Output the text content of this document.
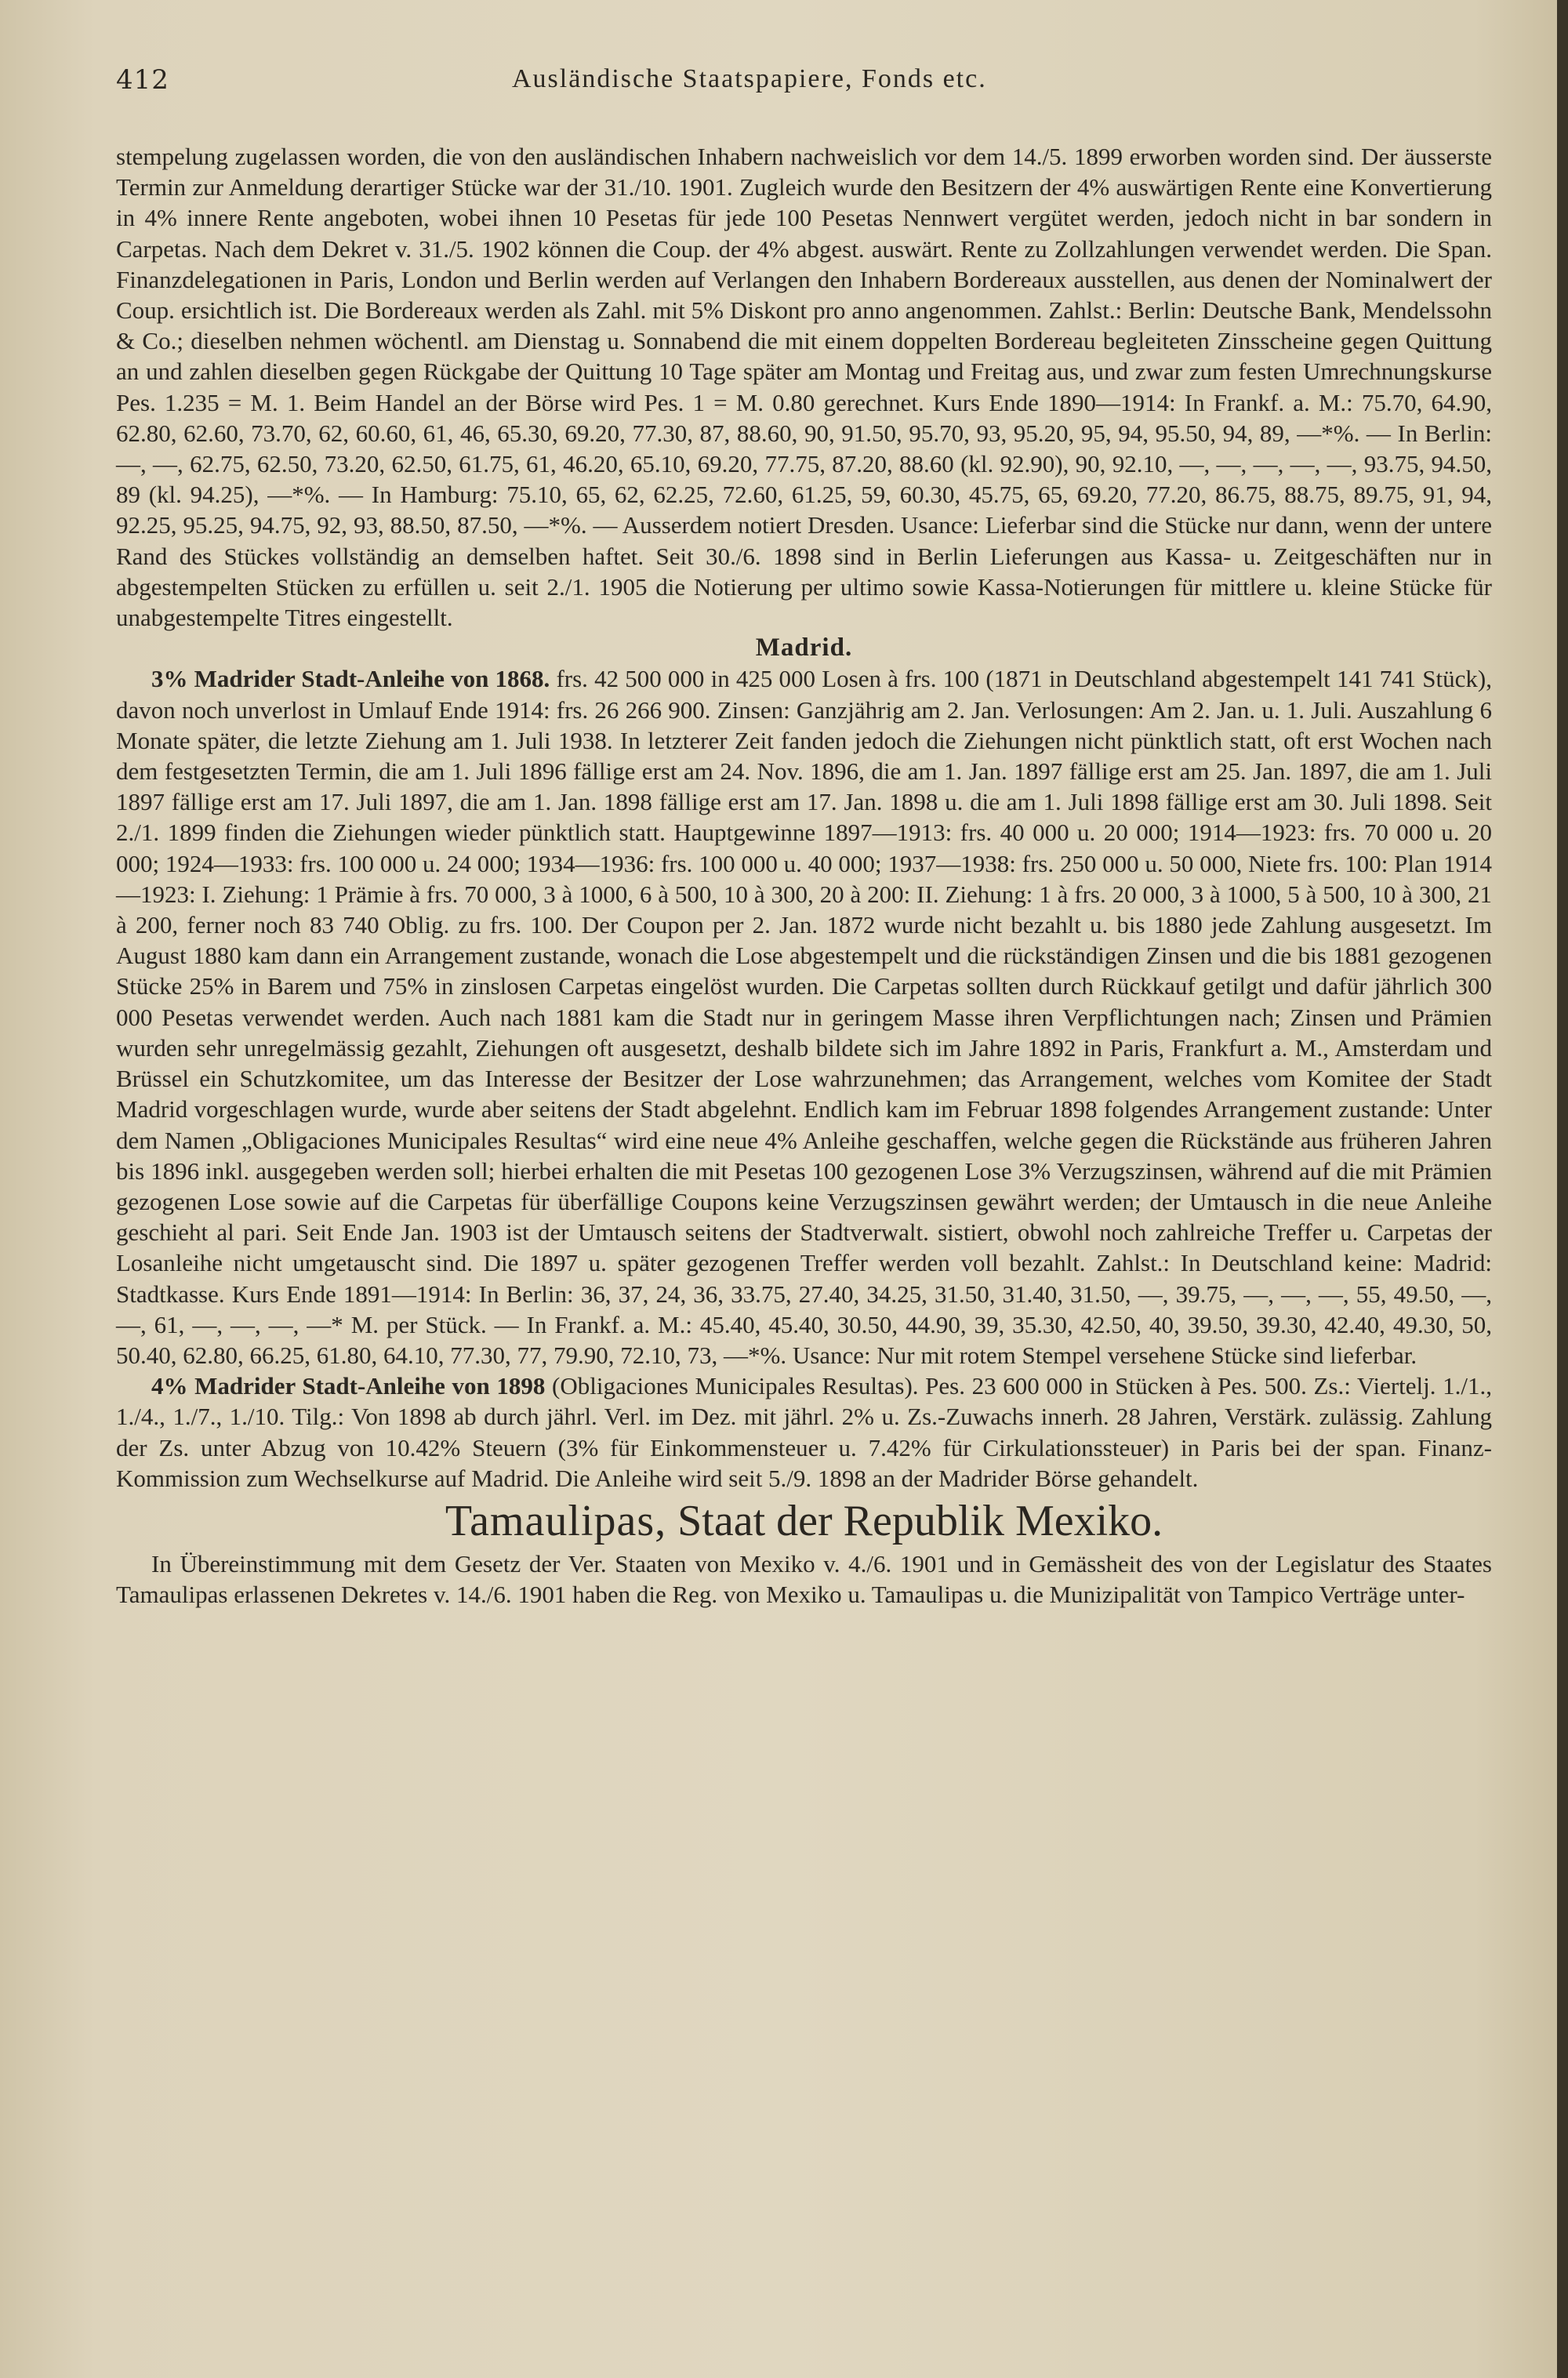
412	Ausländische Staatspapiere, Fonds etc.

stempelung zugelassen worden, die von den ausländischen Inhabern nachweislich vor dem 14./5. 1899 erworben worden sind. Der äusserste Termin zur Anmeldung derartiger Stücke war der 31./10. 1901. Zugleich wurde den Besitzern der 4% auswärtigen Rente eine Konvertierung in 4% innere Rente angeboten, wobei ihnen 10 Pesetas für jede 100 Pesetas Nennwert vergütet werden, jedoch nicht in bar sondern in Carpetas. Nach dem Dekret v. 31./5. 1902 können die Coup. der 4% abgest. auswärt. Rente zu Zollzahlungen verwendet werden. Die Span. Finanzdelegationen in Paris, London und Berlin werden auf Verlangen den Inhabern Bordereaux ausstellen, aus denen der Nominalwert der Coup. ersichtlich ist. Die Bordereaux werden als Zahl. mit 5% Diskont pro anno angenommen. Zahlst.: Berlin: Deutsche Bank, Mendelssohn & Co.; dieselben nehmen wöchentl. am Dienstag u. Sonnabend die mit einem doppelten Bordereau begleiteten Zinsscheine gegen Quittung an und zahlen dieselben gegen Rückgabe der Quittung 10 Tage später am Montag und Freitag aus, und zwar zum festen Umrechnungskurse Pes. 1.235 = M. 1. Beim Handel an der Börse wird Pes. 1 = M. 0.80 gerechnet. Kurs Ende 1890—1914: In Frankf. a. M.: 75.70, 64.90, 62.80, 62.60, 73.70, 62, 60.60, 61, 46, 65.30, 69.20, 77.30, 87, 88.60, 90, 91.50, 95.70, 93, 95.20, 95, 94, 95.50, 94, 89, —*%. — In Berlin: —, —, 62.75, 62.50, 73.20, 62.50, 61.75, 61, 46.20, 65.10, 69.20, 77.75, 87.20, 88.60 (kl. 92.90), 90, 92.10, —, —, —, —, —, 93.75, 94.50, 89 (kl. 94.25), —*%. — In Hamburg: 75.10, 65, 62, 62.25, 72.60, 61.25, 59, 60.30, 45.75, 65, 69.20, 77.20, 86.75, 88.75, 89.75, 91, 94, 92.25, 95.25, 94.75, 92, 93, 88.50, 87.50, —*%. — Ausserdem notiert Dresden. Usance: Lieferbar sind die Stücke nur dann, wenn der untere Rand des Stückes vollständig an demselben haftet. Seit 30./6. 1898 sind in Berlin Lieferungen aus Kassa- u. Zeitgeschäften nur in abgestempelten Stücken zu erfüllen u. seit 2./1. 1905 die Notierung per ultimo sowie Kassa-Notierungen für mittlere u. kleine Stücke für unabgestempelte Titres eingestellt.

Madrid.

3% Madrider Stadt-Anleihe von 1868. frs. 42 500 000 in 425 000 Losen à frs. 100 (1871 in Deutschland abgestempelt 141 741 Stück), davon noch unverlost in Umlauf Ende 1914: frs. 26 266 900. Zinsen: Ganzjährig am 2. Jan. Verlosungen: Am 2. Jan. u. 1. Juli. Auszahlung 6 Monate später, die letzte Ziehung am 1. Juli 1938. In letzterer Zeit fanden jedoch die Ziehungen nicht pünktlich statt, oft erst Wochen nach dem festgesetzten Termin, die am 1. Juli 1896 fällige erst am 24. Nov. 1896, die am 1. Jan. 1897 fällige erst am 25. Jan. 1897, die am 1. Juli 1897 fällige erst am 17. Juli 1897, die am 1. Jan. 1898 fällige erst am 17. Jan. 1898 u. die am 1. Juli 1898 fällige erst am 30. Juli 1898. Seit 2./1. 1899 finden die Ziehungen wieder pünktlich statt. Hauptgewinne 1897—1913: frs. 40 000 u. 20 000; 1914—1923: frs. 70 000 u. 20 000; 1924—1933: frs. 100 000 u. 24 000; 1934—1936: frs. 100 000 u. 40 000; 1937—1938: frs. 250 000 u. 50 000, Niete frs. 100: Plan 1914—1923: I. Ziehung: 1 Prämie à frs. 70 000, 3 à 1000, 6 à 500, 10 à 300, 20 à 200: II. Ziehung: 1 à frs. 20 000, 3 à 1000, 5 à 500, 10 à 300, 21 à 200, ferner noch 83 740 Oblig. zu frs. 100. Der Coupon per 2. Jan. 1872 wurde nicht bezahlt u. bis 1880 jede Zahlung ausgesetzt. Im August 1880 kam dann ein Arrangement zustande, wonach die Lose abgestempelt und die rückständigen Zinsen und die bis 1881 gezogenen Stücke 25% in Barem und 75% in zinslosen Carpetas eingelöst wurden. Die Carpetas sollten durch Rückkauf getilgt und dafür jährlich 300 000 Pesetas verwendet werden. Auch nach 1881 kam die Stadt nur in geringem Masse ihren Verpflichtungen nach; Zinsen und Prämien wurden sehr unregelmässig gezahlt, Ziehungen oft ausgesetzt, deshalb bildete sich im Jahre 1892 in Paris, Frankfurt a. M., Amsterdam und Brüssel ein Schutzkomitee, um das Interesse der Besitzer der Lose wahrzunehmen; das Arrangement, welches vom Komitee der Stadt Madrid vorgeschlagen wurde, wurde aber seitens der Stadt abgelehnt. Endlich kam im Februar 1898 folgendes Arrangement zustande: Unter dem Namen „Obligaciones Municipales Resultas“ wird eine neue 4% Anleihe geschaffen, welche gegen die Rückstände aus früheren Jahren bis 1896 inkl. ausgegeben werden soll; hierbei erhalten die mit Pesetas 100 gezogenen Lose 3% Verzugszinsen, während auf die mit Prämien gezogenen Lose sowie auf die Carpetas für überfällige Coupons keine Verzugszinsen gewährt werden; der Umtausch in die neue Anleihe geschieht al pari. Seit Ende Jan. 1903 ist der Umtausch seitens der Stadtverwalt. sistiert, obwohl noch zahlreiche Treffer u. Carpetas der Losanleihe nicht umgetauscht sind. Die 1897 u. später gezogenen Treffer werden voll bezahlt. Zahlst.: In Deutschland keine: Madrid: Stadtkasse. Kurs Ende 1891—1914: In Berlin: 36, 37, 24, 36, 33.75, 27.40, 34.25, 31.50, 31.40, 31.50, —, 39.75, —, —, —, 55, 49.50, —, —, 61, —, —, —, —* M. per Stück. — In Frankf. a. M.: 45.40, 45.40, 30.50, 44.90, 39, 35.30, 42.50, 40, 39.50, 39.30, 42.40, 49.30, 50, 50.40, 62.80, 66.25, 61.80, 64.10, 77.30, 77, 79.90, 72.10, 73, —*%. Usance: Nur mit rotem Stempel versehene Stücke sind lieferbar.

4% Madrider Stadt-Anleihe von 1898 (Obligaciones Municipales Resultas). Pes. 23 600 000 in Stücken à Pes. 500. Zs.: Viertelj. 1./1., 1./4., 1./7., 1./10. Tilg.: Von 1898 ab durch jährl. Verl. im Dez. mit jährl. 2% u. Zs.-Zuwachs innerh. 28 Jahren, Verstärk. zulässig. Zahlung der Zs. unter Abzug von 10.42% Steuern (3% für Einkommensteuer u. 7.42% für Cirkulationssteuer) in Paris bei der span. Finanz-Kommission zum Wechselkurse auf Madrid. Die Anleihe wird seit 5./9. 1898 an der Madrider Börse gehandelt.

Tamaulipas, Staat der Republik Mexiko.

In Übereinstimmung mit dem Gesetz der Ver. Staaten von Mexiko v. 4./6. 1901 und in Gemässheit des von der Legislatur des Staates Tamaulipas erlassenen Dekretes v. 14./6. 1901 haben die Reg. von Mexiko u. Tamaulipas u. die Munizipalität von Tampico Verträge unter-
